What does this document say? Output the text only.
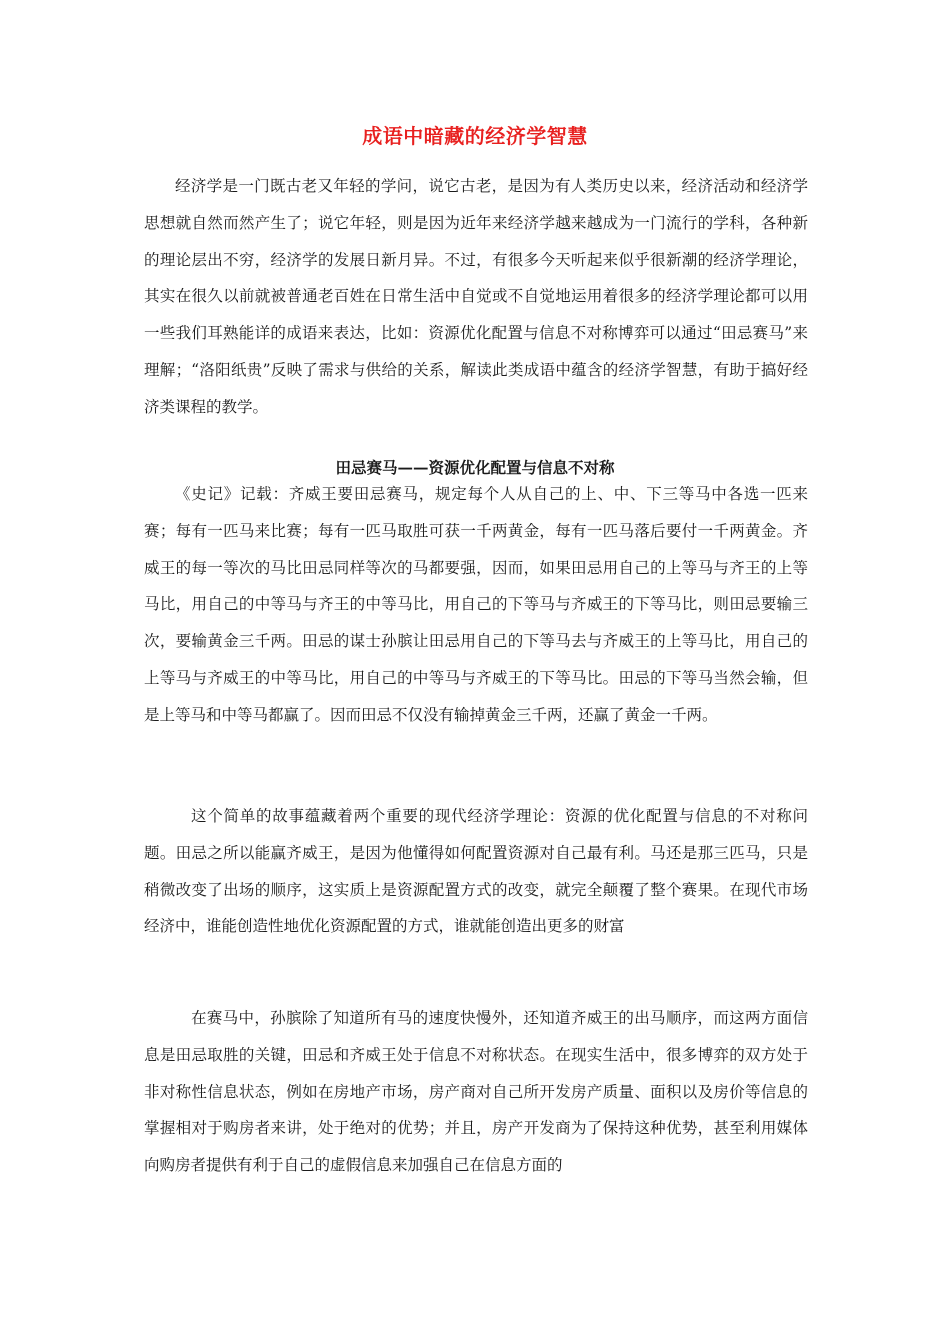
成语中暗藏的经济学智慧

经济学是一门既古老又年轻的学问，说它古老，是因为有人类历史以来，经济活动和经济学思想就自然而然产生了；说它年轻，则是因为近年来经济学越来越成为一门流行的学科，各种新的理论层出不穷，经济学的发展日新月异。不过，有很多今天听起来似乎很新潮的经济学理论，其实在很久以前就被普通老百姓在日常生活中自觉或不自觉地运用着很多的经济学理论都可以用一些我们耳熟能详的成语来表达，比如：资源优化配置与信息不对称博弈可以通过“田忌赛马”来理解；“洛阳纸贵”反映了需求与供给的关系，解读此类成语中蕴含的经济学智慧，有助于搞好经济类课程的教学。

田忌赛马——资源优化配置与信息不对称

《史记》记载：齐威王要田忌赛马，规定每个人从自己的上、中、下三等马中各选一匹来赛；每有一匹马来比赛；每有一匹马取胜可获一千两黄金，每有一匹马落后要付一千两黄金。齐威王的每一等次的马比田忌同样等次的马都要强，因而，如果田忌用自己的上等马与齐王的上等马比，用自己的中等马与齐王的中等马比，用自己的下等马与齐威王的下等马比，则田忌要输三次，要输黄金三千两。田忌的谋士孙膑让田忌用自己的下等马去与齐威王的上等马比，用自己的上等马与齐威王的中等马比，用自己的中等马与齐威王的下等马比。田忌的下等马当然会输，但是上等马和中等马都赢了。因而田忌不仅没有输掉黄金三千两，还赢了黄金一千两。

这个简单的故事蕴藏着两个重要的现代经济学理论：资源的优化配置与信息的不对称问题。田忌之所以能赢齐威王，是因为他懂得如何配置资源对自己最有利。马还是那三匹马，只是稍微改变了出场的顺序，这实质上是资源配置方式的改变，就完全颠覆了整个赛果。在现代市场经济中，谁能创造性地优化资源配置的方式，谁就能创造出更多的财富

在赛马中，孙膑除了知道所有马的速度快慢外，还知道齐威王的出马顺序，而这两方面信息是田忌取胜的关键，田忌和齐威王处于信息不对称状态。在现实生活中，很多博弈的双方处于非对称性信息状态，例如在房地产市场，房产商对自己所开发房产质量、面积以及房价等信息的掌握相对于购房者来讲，处于绝对的优势；并且，房产开发商为了保持这种优势，甚至利用媒体向购房者提供有利于自己的虚假信息来加强自己在信息方面的
